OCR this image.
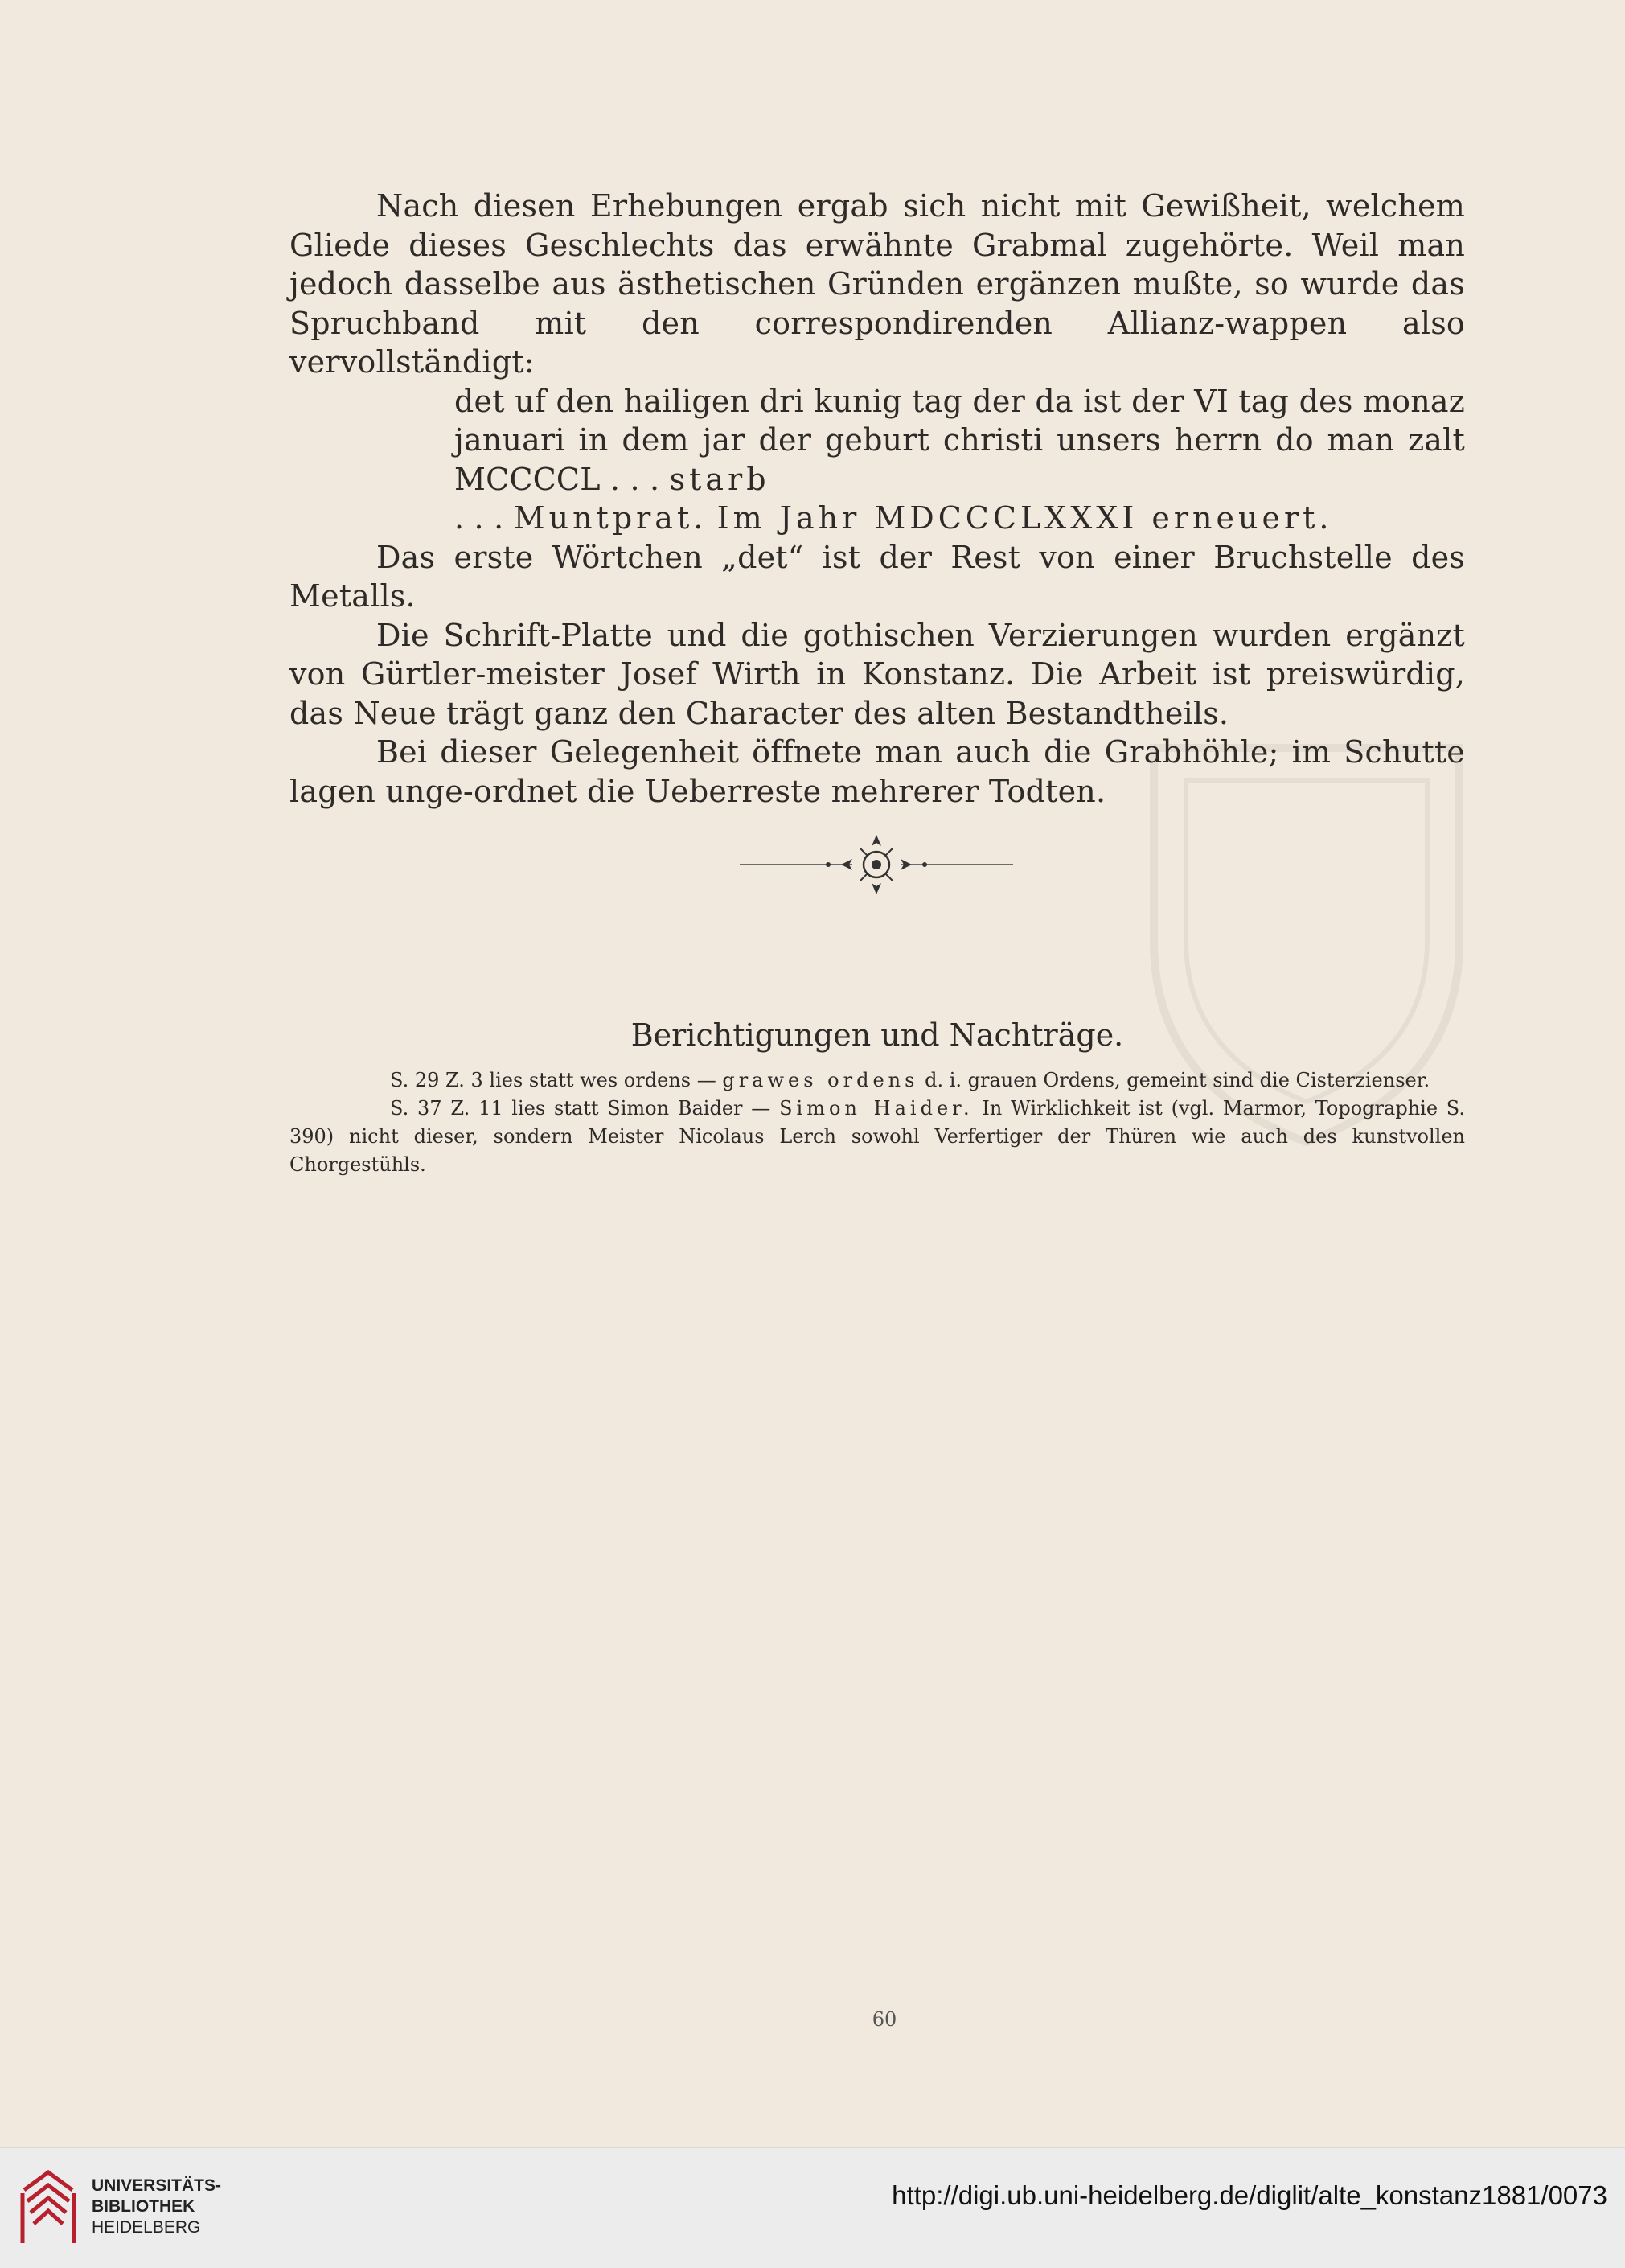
Nach diesen Erhebungen ergab sich nicht mit Gewißheit, welchem Gliede dieses Geschlechts das erwähnte Grabmal zugehörte. Weil man jedoch dasselbe aus ästhetischen Gründen ergänzen mußte, so wurde das Spruchband mit den correspondirenden Allianz-wappen also vervollständigt:

det uf den hailigen dri kunig tag der da ist der VI tag des monaz januari in dem jar der geburt christi unsers herrn do man zalt MCCCCL . . . starb
. . . Muntprat. Im Jahr MDCCCLXXXI erneuert.

Das erste Wörtchen „det“ ist der Rest von einer Bruchstelle des Metalls.

Die Schrift-Platte und die gothischen Verzierungen wurden ergänzt von Gürtler-meister Josef Wirth in Konstanz. Die Arbeit ist preiswürdig, das Neue trägt ganz den Character des alten Bestandtheils.

Bei dieser Gelegenheit öffnete man auch die Grabhöhle; im Schutte lagen unge-ordnet die Ueberreste mehrerer Todten.

Berichtigungen und Nachträge.

S. 29 Z. 3 lies statt wes ordens — grawes ordens d. i. grauen Ordens, gemeint sind die Cisterzienser.

S. 37 Z. 11 lies statt Simon Baider — Simon Haider. In Wirklichkeit ist (vgl. Marmor, Topographie S. 390) nicht dieser, sondern Meister Nicolaus Lerch sowohl Verfertiger der Thüren wie auch des kunstvollen Chorgestühls.

60
UNIVERSITÄTS-
BIBLIOTHEK
HEIDELBERG
http://digi.ub.uni-heidelberg.de/diglit/alte_konstanz1881/0073
